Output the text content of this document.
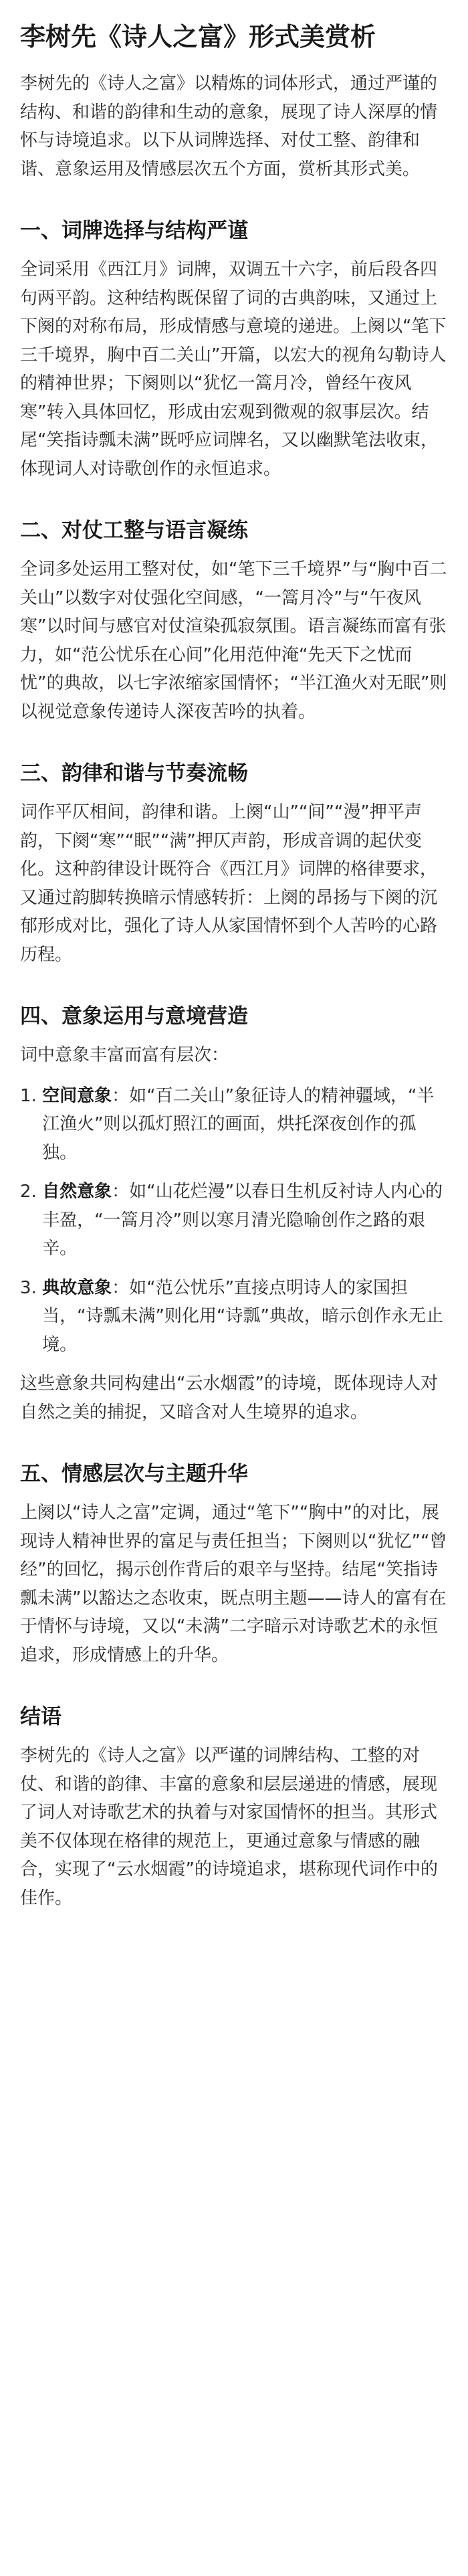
李树先《诗人之富》形式美赏析

李树先的《诗人之富》以精炼的词体形式，通过严谨的结构、和谐的韵律和生动的意象，展现了诗人深厚的情怀与诗境追求。以下从词牌选择、对仗工整、韵律和谐、意象运用及情感层次五个方面，赏析其形式美。

一、词牌选择与结构严谨

全词采用《西江月》词牌，双调五十六字，前后段各四句两平韵。这种结构既保留了词的古典韵味，又通过上下阕的对称布局，形成情感与意境的递进。上阕以“笔下三千境界，胸中百二关山”开篇，以宏大的视角勾勒诗人的精神世界；下阕则以“犹忆一篙月冷，曾经午夜风寒”转入具体回忆，形成由宏观到微观的叙事层次。结尾“笑指诗瓢未满”既呼应词牌名，又以幽默笔法收束，体现词人对诗歌创作的永恒追求。

二、对仗工整与语言凝练

全词多处运用工整对仗，如“笔下三千境界”与“胸中百二关山”以数字对仗强化空间感，“一篙月冷”与“午夜风寒”以时间与感官对仗渲染孤寂氛围。语言凝练而富有张力，如“范公忧乐在心间”化用范仲淹“先天下之忧而忧”的典故，以七字浓缩家国情怀；“半江渔火对无眠”则以视觉意象传递诗人深夜苦吟的执着。

三、韵律和谐与节奏流畅

词作平仄相间，韵律和谐。上阕“山”“间”“漫”押平声韵，下阕“寒”“眠”“满”押仄声韵，形成音调的起伏变化。这种韵律设计既符合《西江月》词牌的格律要求，又通过韵脚转换暗示情感转折：上阕的昂扬与下阕的沉郁形成对比，强化了诗人从家国情怀到个人苦吟的心路历程。

四、意象运用与意境营造

词中意象丰富而富有层次：

1. 空间意象：如“百二关山”象征诗人的精神疆域，“半江渔火”则以孤灯照江的画面，烘托深夜创作的孤独。
2. 自然意象：如“山花烂漫”以春日生机反衬诗人内心的丰盈，“一篙月冷”则以寒月清光隐喻创作之路的艰辛。
3. 典故意象：如“范公忧乐”直接点明诗人的家国担当，“诗瓢未满”则化用“诗瓢”典故，暗示创作永无止境。

这些意象共同构建出“云水烟霞”的诗境，既体现诗人对自然之美的捕捉，又暗含对人生境界的追求。

五、情感层次与主题升华

上阕以“诗人之富”定调，通过“笔下”“胸中”的对比，展现诗人精神世界的富足与责任担当；下阕则以“犹忆”“曾经”的回忆，揭示创作背后的艰辛与坚持。结尾“笑指诗瓢未满”以豁达之态收束，既点明主题——诗人的富有在于情怀与诗境，又以“未满”二字暗示对诗歌艺术的永恒追求，形成情感上的升华。

结语

李树先的《诗人之富》以严谨的词牌结构、工整的对仗、和谐的韵律、丰富的意象和层层递进的情感，展现了词人对诗歌艺术的执着与对家国情怀的担当。其形式美不仅体现在格律的规范上，更通过意象与情感的融合，实现了“云水烟霞”的诗境追求，堪称现代词作中的佳作。
